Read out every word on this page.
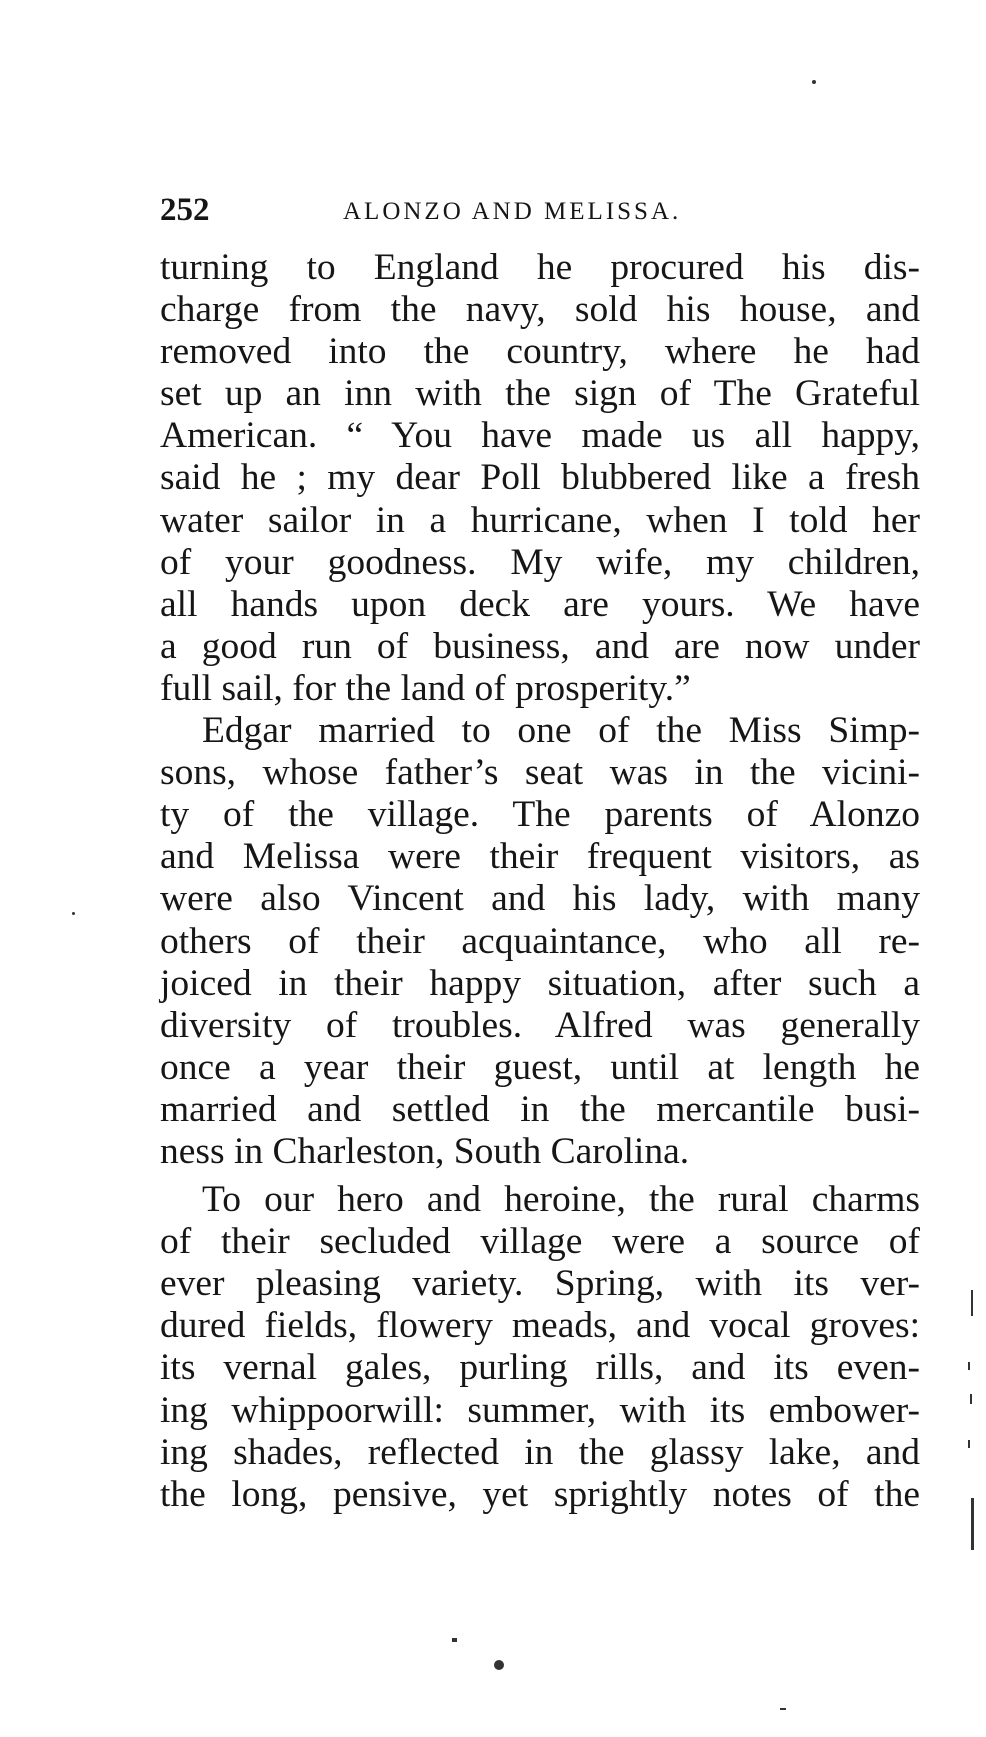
252	ALONZO AND MELISSA.
turning to England he procured his dis-
charge from the navy, sold his house, and
removed into the country, where he had
set up an inn with the sign of The Grateful
American. “ You have made us all happy,
said he ; my dear Poll blubbered like a fresh
water sailor in a hurricane, when I told her
of your goodness. My wife, my children,
all hands upon deck are yours. We have
a good run of business, and are now under
full sail, for the land of prosperity.”
Edgar married to one of the Miss Simp-
sons, whose father’s seat was in the vicini-
ty of the village. The parents of Alonzo
and Melissa were their frequent visitors, as
were also Vincent and his lady, with many
others of their acquaintance, who all re-
joiced in their happy situation, after such a
diversity of troubles. Alfred was generally
once a year their guest, until at length he
married and settled in the mercantile busi-
ness in Charleston, South Carolina.
To our hero and heroine, the rural charms
of their secluded village were a source of
ever pleasing variety. Spring, with its ver-
dured fields, flowery meads, and vocal groves:
its vernal gales, purling rills, and its even-
ing whippoorwill: summer, with its embower-
ing shades, reflected in the glassy lake, and
the long, pensive, yet sprightly notes of the
